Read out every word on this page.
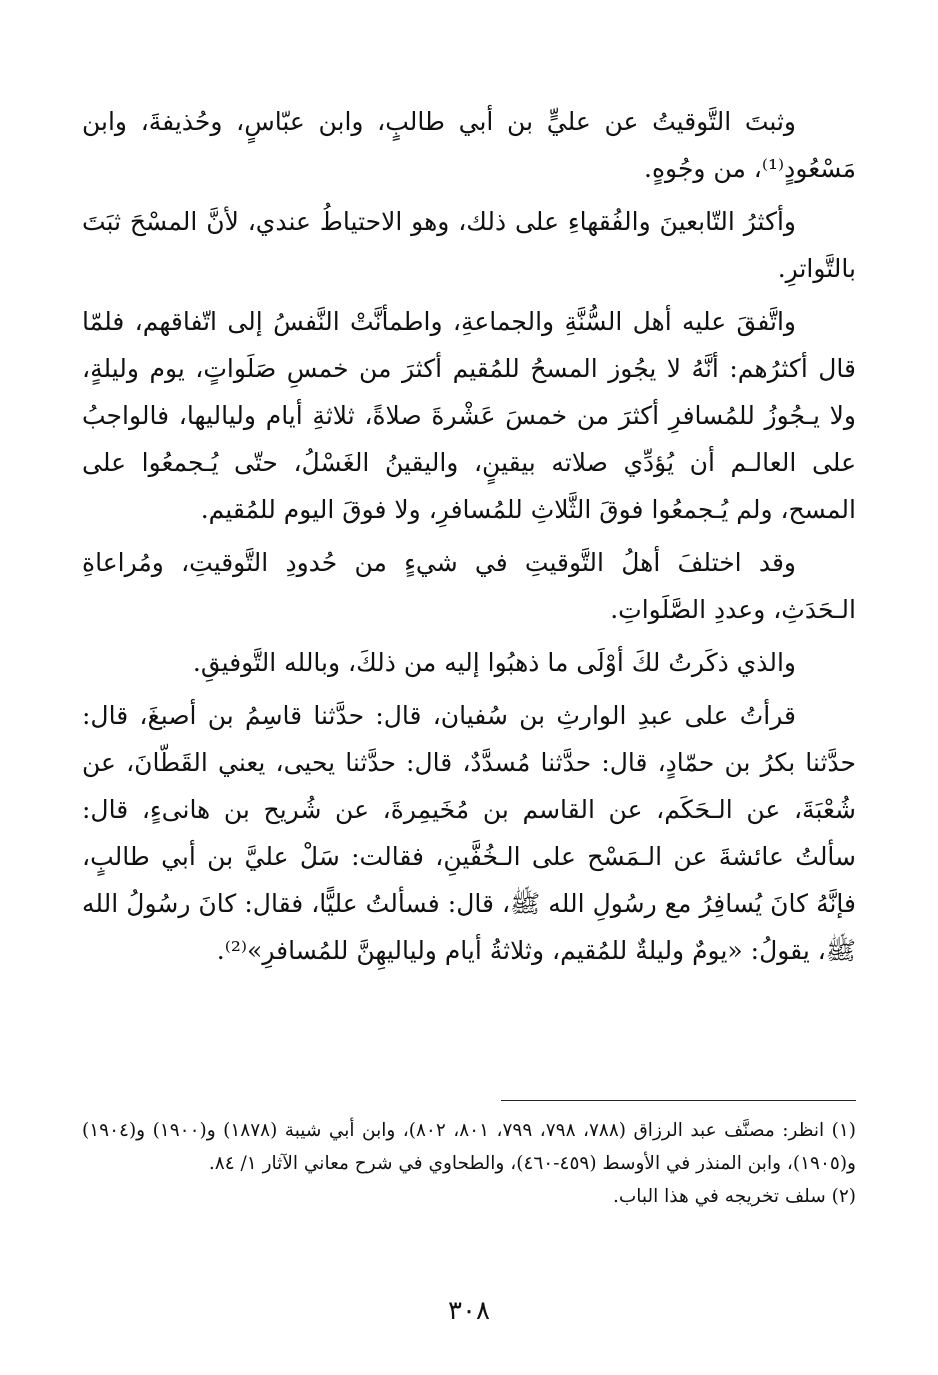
وثبتَ التَّوقيتُ عن عليٍّ بن أبي طالبٍ، وابن عبّاسٍ، وحُذيفةَ، وابن مَسْعُودٍ⁽¹⁾، من وجُوهٍ.

وأكثرُ التّابعينَ والفُقهاءِ على ذلك، وهو الاحتياطُ عندي، لأنَّ المسْحَ ثبَتَ بالتَّواترِ.

واتَّفقَ عليه أهل السُّنَّةِ والجماعةِ، واطمأنَّتْ النَّفسُ إلى اتّفاقهم، فلمّا قال أكثرُهم: أنَّهُ لا يجُوز المسحُ للمُقيم أكثرَ من خمسِ صَلَواتٍ، يوم وليلةٍ، ولا يـجُوزُ للمُسافرِ أكثرَ من خمسَ عَشْرةَ صلاةً، ثلاثةِ أيام ولياليها، فالواجبُ على العالـم أن يُؤدِّي صلاته بيقينٍ، واليقينُ الغَسْلُ، حتّى يُـجمعُوا على المسح، ولم يُـجمعُوا فوقَ الثَّلاثِ للمُسافرِ، ولا فوقَ اليوم للمُقيم.

وقد اختلفَ أهلُ التَّوقيتِ في شيءٍ من حُدودِ التَّوقيتِ، ومُراعاةِ الـحَدَثِ، وعددِ الصَّلَواتِ.

والذي ذكَرتُ لكَ أوْلَى ما ذهبُوا إليه من ذلكَ، وبالله التَّوفيقِ.

قرأتُ على عبدِ الوارثِ بن سُفيان، قال: حدَّثنا قاسِمُ بن أصبغَ، قال: حدَّثنا بكرُ بن حمّادٍ، قال: حدَّثنا مُسدَّدٌ، قال: حدَّثنا يحيى، يعني القَطّانَ، عن شُعْبَةَ، عن الـحَكَم، عن القاسم بن مُخَيمِرةَ، عن شُريح بن هانىءٍ، قال: سألتُ عائشةَ عن الـمَسْح على الـخُفَّينِ، فقالت: سَلْ عليَّ بن أبي طالبٍ، فإنَّهُ كانَ يُسافِرُ مع رسُولِ الله ﷺ، قال: فسألتُ عليًّا، فقال: كانَ رسُولُ الله ﷺ، يقولُ: «يومٌ وليلةٌ للمُقيم، وثلاثةُ أيام ولياليهِنَّ للمُسافرِ»⁽²⁾.

(١) انظر: مصنَّف عبد الرزاق (٧٨٨، ٧٩٨، ٧٩٩، ٨٠١، ٨٠٢)، وابن أبي شيبة (١٨٧٨) و(١٩٠٠) و(١٩٠٤) و(١٩٠٥)، وابن المنذر في الأوسط (٤٥٩-٤٦٠)، والطحاوي في شرح معاني الآثار ١/ ٨٤.

(٢) سلف تخريجه في هذا الباب.

٣٠٨
